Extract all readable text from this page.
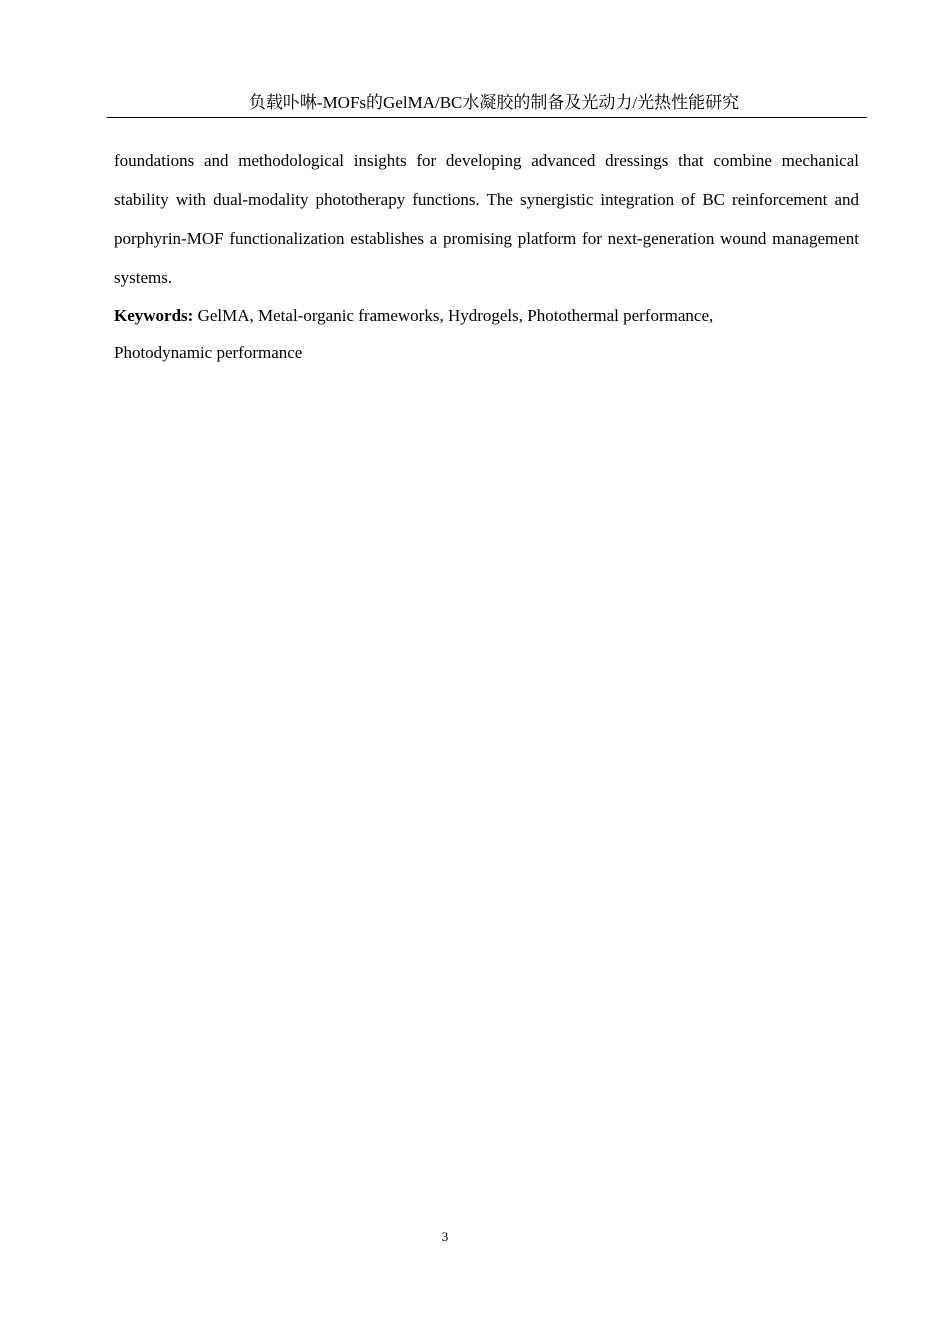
负载卟啉-MOFs的GelMA/BC水凝胶的制备及光动力/光热性能研究

foundations and methodological insights for developing advanced dressings that combine mechanical stability with dual-modality phototherapy functions. The synergistic integration of BC reinforcement and porphyrin-MOF functionalization establishes a promising platform for next-generation wound management systems.

Keywords: GelMA, Metal-organic frameworks, Hydrogels, Photothermal performance,
Photodynamic performance

3
